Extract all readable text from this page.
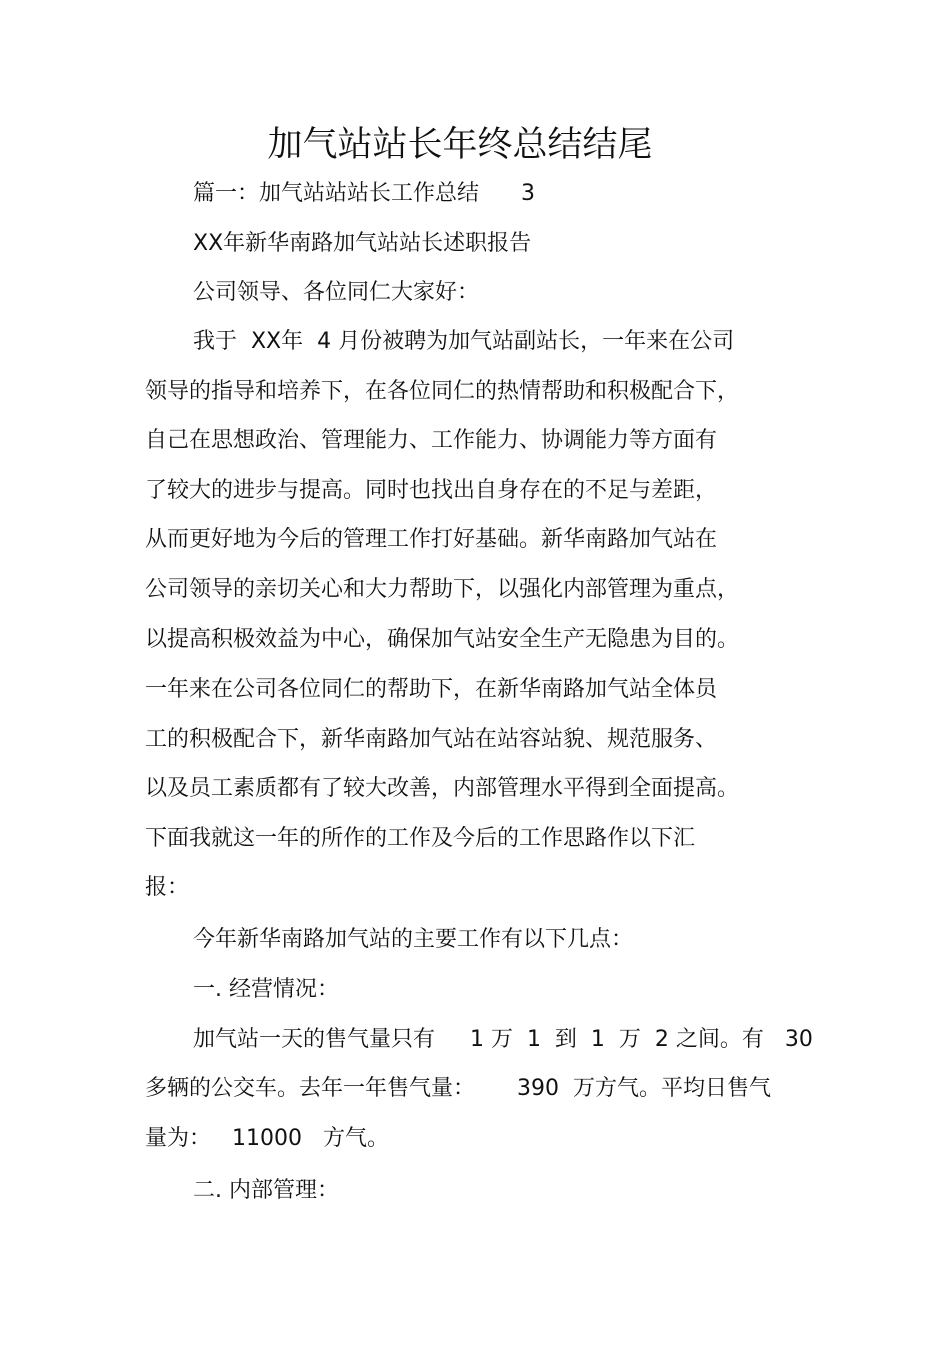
加气站站长年终总结结尾
篇一：加气站站站长工作总结      3
XX年新华南路加气站站长述职报告
公司领导、各位同仁大家好：
我于  XX年  4 月份被聘为加气站副站长，一年来在公司
领导的指导和培养下，在各位同仁的热情帮助和积极配合下，
自己在思想政治、管理能力、工作能力、协调能力等方面有
了较大的进步与提高。同时也找出自身存在的不足与差距，
从而更好地为今后的管理工作打好基础。新华南路加气站在
公司领导的亲切关心和大力帮助下，以强化内部管理为重点，
以提高积极效益为中心，确保加气站安全生产无隐患为目的。
一年来在公司各位同仁的帮助下，在新华南路加气站全体员
工的积极配合下，新华南路加气站在站容站貌、规范服务、
以及员工素质都有了较大改善，内部管理水平得到全面提高。
下面我就这一年的所作的工作及今后的工作思路作以下汇
报：
今年新华南路加气站的主要工作有以下几点：
一. 经营情况：
加气站一天的售气量只有     1 万  1  到  1  万  2 之间。有   30
多辆的公交车。去年一年售气量：      390  万方气。平均日售气
量为：   11000   方气。
二. 内部管理：
